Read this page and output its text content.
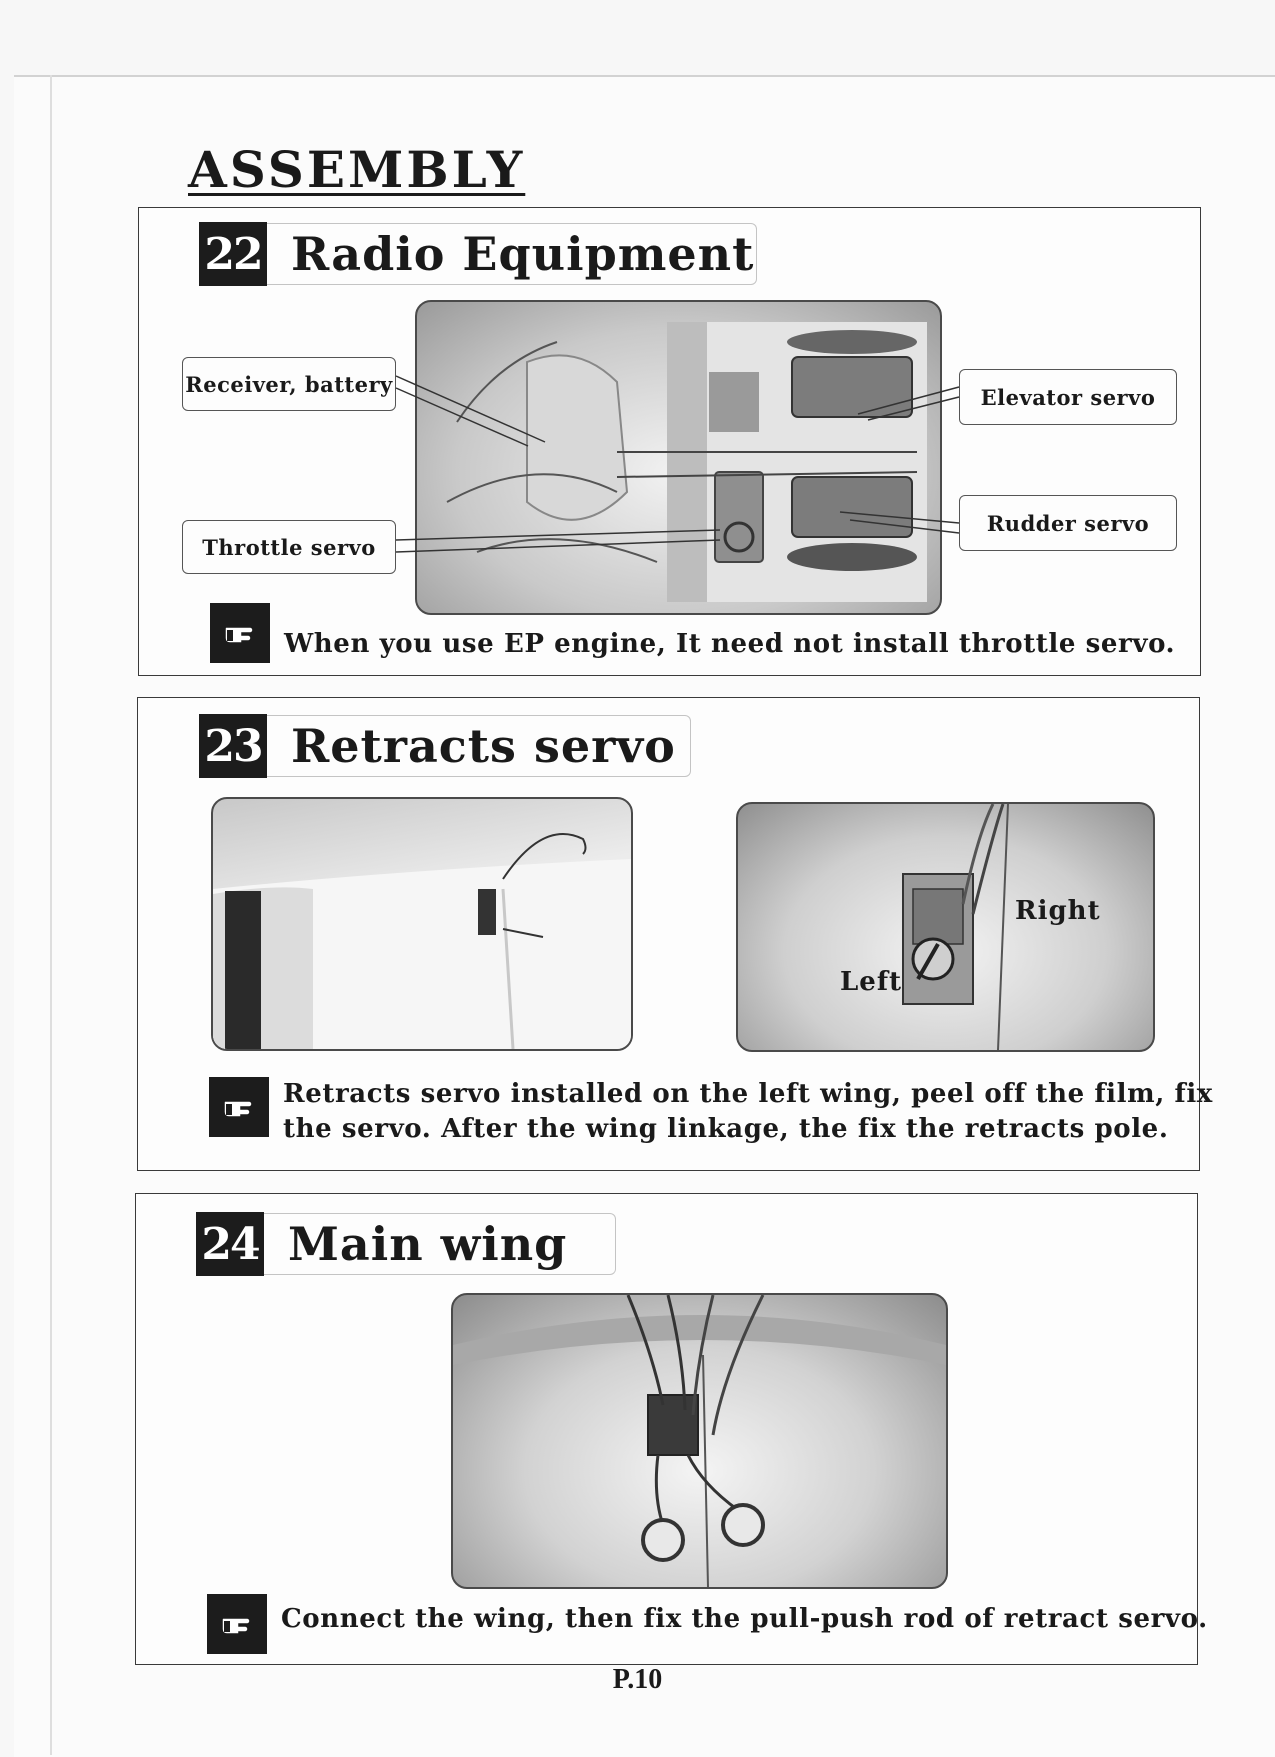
ASSEMBLY
22 Radio Equipment
Receiver, battery
Throttle servo
Elevator servo
Rudder servo
When you use EP engine, It need not install throttle servo.
23 Retracts servo
Right
Left
Retracts servo installed on the left wing, peel off the film, fix
the servo. After the wing linkage, the fix the retracts pole.
24 Main wing
Connect the wing, then fix the pull-push rod of retract servo.
P.10
